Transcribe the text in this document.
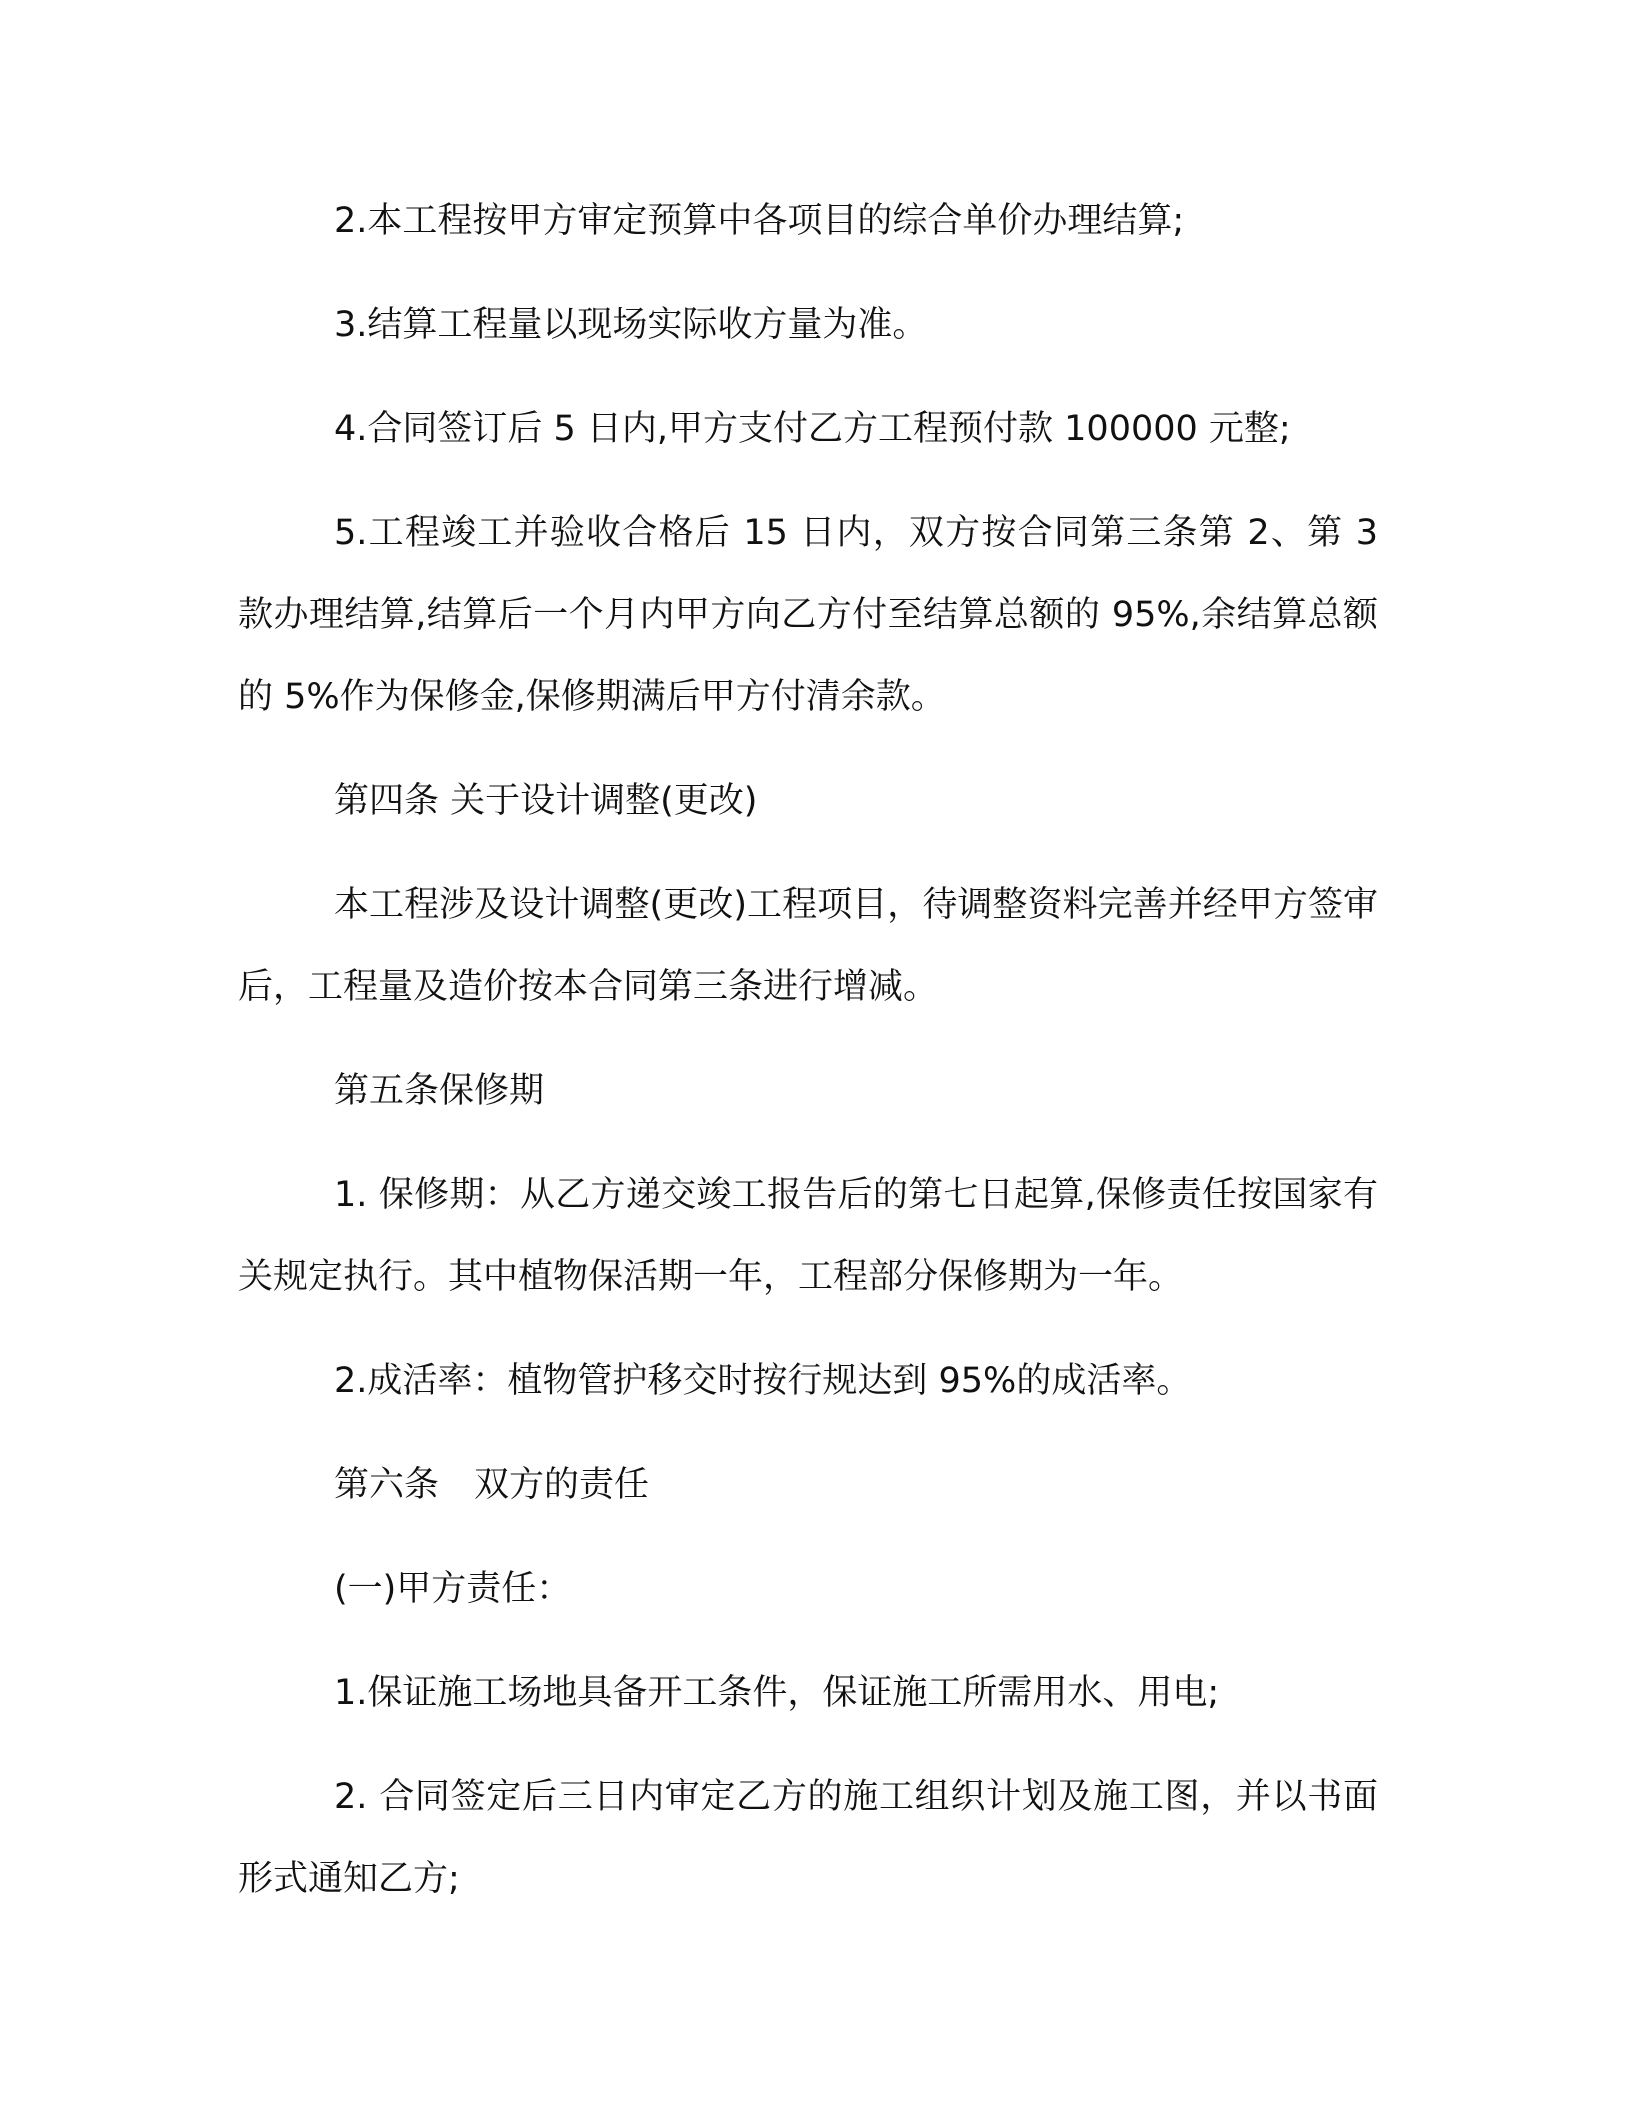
2.本工程按甲方审定预算中各项目的综合单价办理结算;

3.结算工程量以现场实际收方量为准。

4.合同签订后 5 日内,甲方支付乙方工程预付款 100000 元整;

5.工程竣工并验收合格后 15 日内，双方按合同第三条第 2、第 3 款办理结算,结算后一个月内甲方向乙方付至结算总额的 95%,余结算总额的 5%作为保修金,保修期满后甲方付清余款。

第四条 关于设计调整(更改)

本工程涉及设计调整(更改)工程项目，待调整资料完善并经甲方签审后，工程量及造价按本合同第三条进行增减。

第五条保修期

1. 保修期：从乙方递交竣工报告后的第七日起算,保修责任按国家有关规定执行。其中植物保活期一年，工程部分保修期为一年。

2.成活率：植物管护移交时按行规达到 95%的成活率。

第六条　双方的责任

(一)甲方责任：

1.保证施工场地具备开工条件，保证施工所需用水、用电;

2. 合同签定后三日内审定乙方的施工组织计划及施工图，并以书面形式通知乙方;
